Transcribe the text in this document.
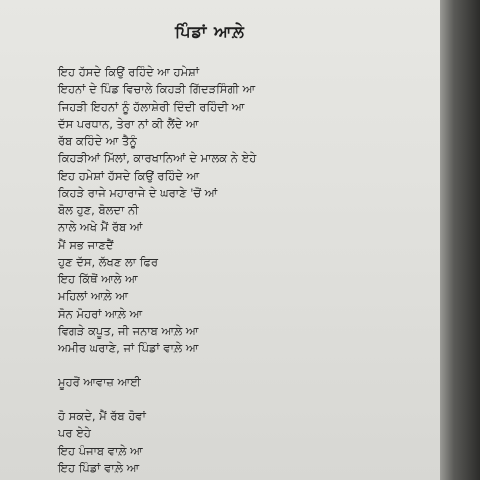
ਪਿੰਡਾਂ ਆਲ਼ੇ
ਇਹ ਹੱਸਦੇ ਕਿਉਂ ਰਹਿੰਦੇ ਆ ਹਮੇਸ਼ਾਂ
ਇਹਨਾਂ ਦੇ ਪਿੰਡ ਵਿਚਾਲੇ ਕਿਹੜੀ ਗਿੱਦੜਸਿੰਗੀ ਆ
ਜਿਹੜੀ ਇਹਨਾਂ ਨੂੰ ਹੱਲਾਸ਼ੇਰੀ ਦਿੰਦੀ ਰਹਿੰਦੀ ਆ
ਦੱਸ ਪਰਧਾਨ, ਤੇਰਾ ਨਾਂ ਕੀ ਲੈਂਦੇ ਆ
ਰੱਬ ਕਹਿੰਦੇ ਆ ਤੈਨੂੰ
ਕਿਹੜੀਆਂ ਮਿੱਲਾਂ, ਕਾਰਖਾਨਿਆਂ ਦੇ ਮਾਲਕ ਨੇ ਏਹੇ
ਇਹ ਹਮੇਸ਼ਾਂ ਹੱਸਦੇ ਕਿਉਂ ਰਹਿੰਦੇ ਆ
ਕਿਹੜੇ ਰਾਜੇ ਮਹਾਰਾਜੇ ਦੇ ਘਰਾਣੇ 'ਚੋਂ ਆਂ
ਬੋਲ ਹੁਣ, ਬੋਲਦਾ ਨੀ
ਨਾਲੇ ਅਖੇ ਮੈਂ ਰੱਬ ਆਂ
ਮੈਂ ਸਭ ਜਾਣਦੈਂ
ਹੁਣ ਦੱਸ, ਲੱਖਣ ਲਾ ਫਿਰ
ਇਹ ਕਿੱਥੋਂ ਆਲੇ ਆ
ਮਹਿਲਾਂ ਆਲ਼ੇ ਆ
ਸੋਨ ਮੋਹਰਾਂ ਆਲ਼ੇ ਆ
ਵਿਗੜੇ ਕਪੂਤ, ਜੀ ਜਨਾਬ ਆਲ਼ੇ ਆ
ਅਮੀਰ ਘਰਾਣੇ, ਜਾਂ ਪਿੰਡਾਂ ਵਾਲ਼ੇ ਆ
ਮੂਹਰੋਂ ਆਵਾਜ਼ ਆਈ
ਹੋ ਸਕਦੇ, ਮੈਂ ਰੱਬ ਹੋਵਾਂ
ਪਰ ਏਹੇ
ਇਹ ਪੰਜਾਬ ਵਾਲ਼ੇ ਆ
ਇਹ ਪਿੰਡਾਂ ਵਾਲ਼ੇ ਆ
